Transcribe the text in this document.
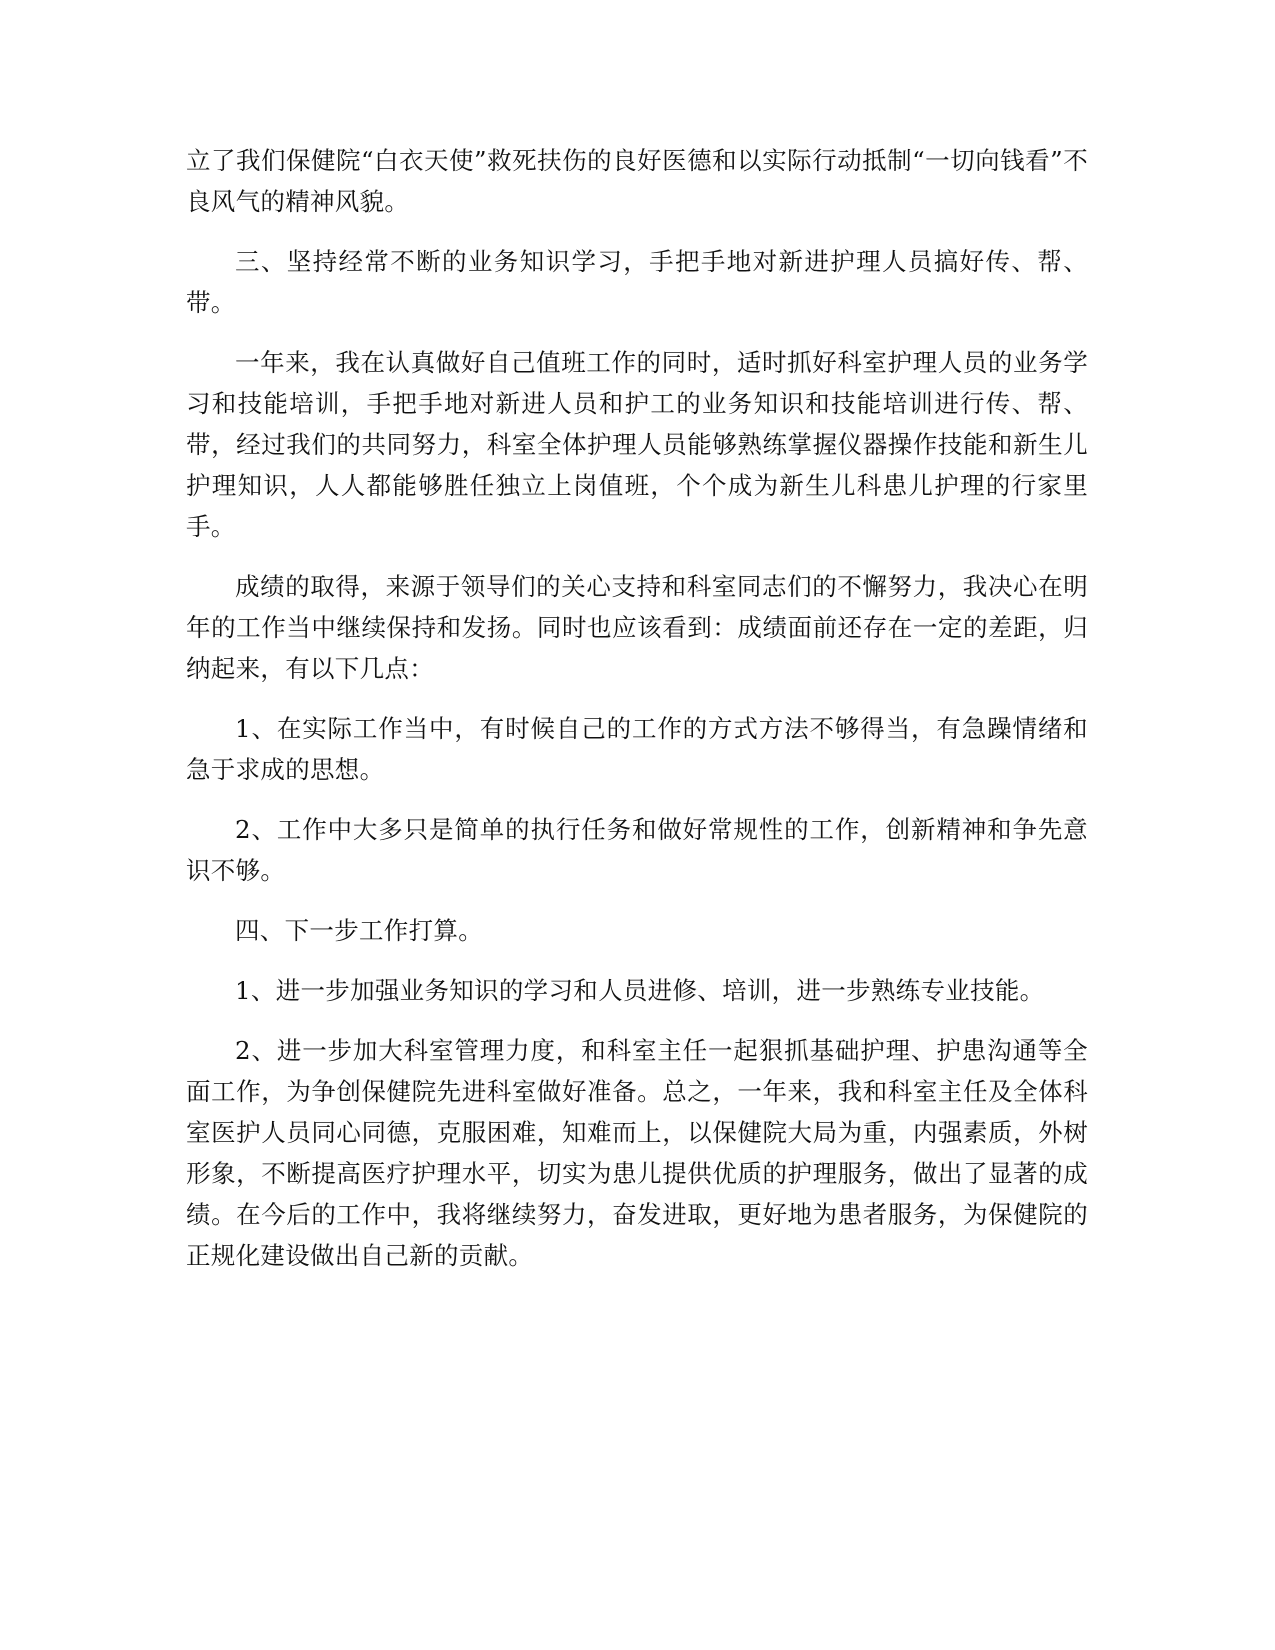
立了我们保健院“白衣天使”救死扶伤的良好医德和以实际行动抵制“一切向钱看”不良风气的精神风貌。

三、坚持经常不断的业务知识学习，手把手地对新进护理人员搞好传、帮、带。

一年来，我在认真做好自己值班工作的同时，适时抓好科室护理人员的业务学习和技能培训，手把手地对新进人员和护工的业务知识和技能培训进行传、帮、带，经过我们的共同努力，科室全体护理人员能够熟练掌握仪器操作技能和新生儿护理知识，人人都能够胜任独立上岗值班，个个成为新生儿科患儿护理的行家里手。

成绩的取得，来源于领导们的关心支持和科室同志们的不懈努力，我决心在明年的工作当中继续保持和发扬。同时也应该看到：成绩面前还存在一定的差距，归纳起来，有以下几点：

1、在实际工作当中，有时候自己的工作的方式方法不够得当，有急躁情绪和急于求成的思想。

2、工作中大多只是简单的执行任务和做好常规性的工作，创新精神和争先意识不够。

四、下一步工作打算。

1、进一步加强业务知识的学习和人员进修、培训，进一步熟练专业技能。

2、进一步加大科室管理力度，和科室主任一起狠抓基础护理、护患沟通等全面工作，为争创保健院先进科室做好准备。总之，一年来，我和科室主任及全体科室医护人员同心同德，克服困难，知难而上，以保健院大局为重，内强素质，外树形象，不断提高医疗护理水平，切实为患儿提供优质的护理服务，做出了显著的成绩。在今后的工作中，我将继续努力，奋发进取，更好地为患者服务，为保健院的正规化建设做出自己新的贡献。
